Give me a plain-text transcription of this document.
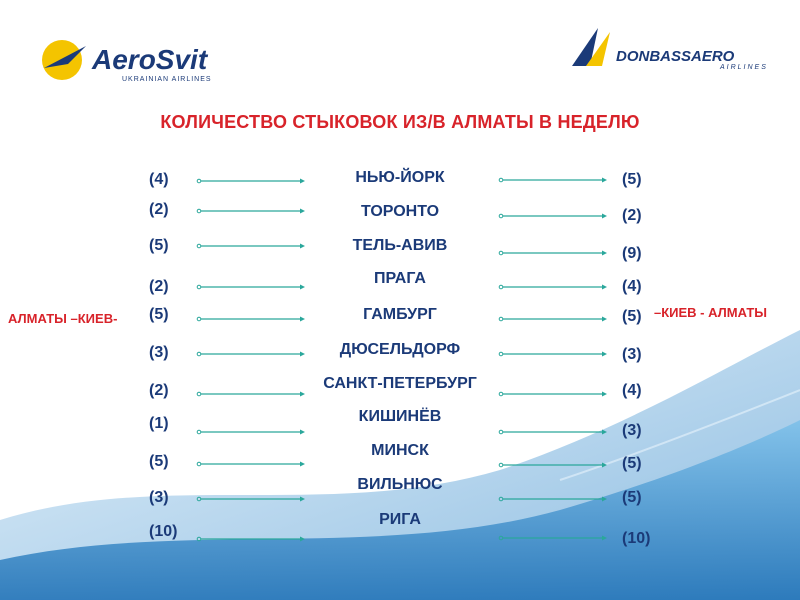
AeroSvit
UKRAINIAN AIRLINES
DONBASSAERO
AIRLINES
КОЛИЧЕСТВО СТЫКОВОК ИЗ/В АЛМАТЫ В НЕДЕЛЮ
АЛМАТЫ –КИЕВ-	–КИЕВ - АЛМАТЫ
НЬЮ-ЙОРК
(4)	(5)
ТОРОНТО
(2)	(2)
ТЕЛЬ-АВИВ
(5)	(9)
ПРАГА
(2)	(4)
ГАМБУРГ
(5)	(5)
ДЮСЕЛЬДОРФ
(3)	(3)
САНКТ-ПЕТЕРБУРГ
(2)	(4)
КИШИНЁВ
(1)	(3)
МИНСК
(5)	(5)
ВИЛЬНЮС
(3)	(5)
РИГА
(10)	(10)
